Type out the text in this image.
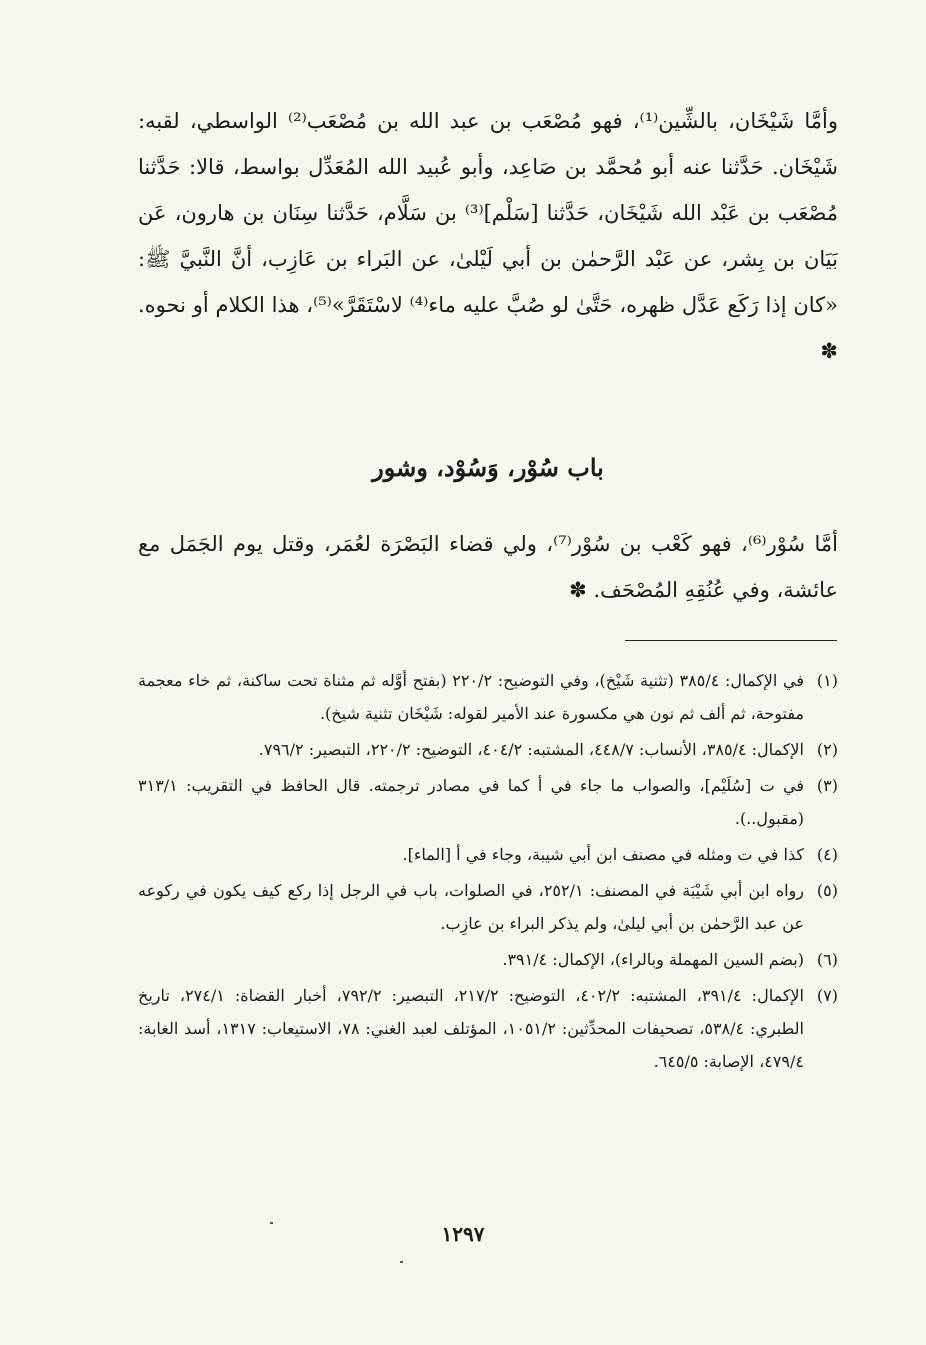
وأمَّا شَيْخَان، بالشِّين⁽¹⁾، فهو مُصْعَب بن عبد الله بن مُصْعَب⁽²⁾ الواسطي، لقبه: شَيْخَان. حَدَّثنا عنه أبو مُحمَّد بن صَاعِد، وأبو عُبيد الله المُعَدِّل بواسط، قالا: حَدَّثنا مُصْعَب بن عَبْد الله شَيْخَان، حَدَّثنا [سَلْم]⁽³⁾ بن سَلَّام، حَدَّثنا سِنَان بن هارون، عَن بَيَان بن بِشر، عن عَبْد الرَّحمٰن بن أبي لَيْلىٰ، عن البَراء بن عَازِب، أنَّ النَّبيَّ ﷺ: «كان إذا رَكَع عَدَّل ظهره، حَتَّىٰ لو صُبَّ عليه ماء⁽⁴⁾ لاسْتَقَرَّ»⁽⁵⁾، هذا الكلام أو نحوه. ✽

باب سُوْر، وَسُوْد، وشور

أمَّا سُوْر⁽⁶⁾، فهو كَعْب بن سُوْر⁽⁷⁾، ولي قضاء البَصْرَة لعُمَر، وقتل يوم الجَمَل مع عائشة، وفي عُنُقِهِ المُصْحَف. ✽

(١)
في الإكمال: ٣٨٥/٤ (تثنية شَيْخ)، وفي التوضيح: ٢٢٠/٢ (بفتح أوَّله ثم مثناة تحت ساكنة، ثم خاء معجمة مفتوحة، ثم ألف ثم نون هي مكسورة عند الأمير لقوله: شَيْخَان تثنية شيخ).

(٢)
الإكمال: ٣٨٥/٤، الأنساب: ٤٤٨/٧، المشتبه: ٤٠٤/٢، التوضيح: ٢٢٠/٢، التبصير: ٧٩٦/٢.

(٣)
في ت [سُلَيْم]، والصواب ما جاء في أ كما في مصادر ترجمته. قال الحافظ في التقريب: ٣١٣/١ (مقبول..).

(٤)
كذا في ت ومثله في مصنف ابن أبي شيبة، وجاء في أ [الماء].

(٥)
رواه ابن أبي شَيْبَة في المصنف: ٢٥٢/١، في الصلوات، باب في الرجل إذا ركع كيف يكون في ركوعه عن عبد الرَّحمٰن بن أبي ليلىٰ، ولم يذكر البراء بن عازِب.

(٦)
(بضم السين المهملة وبالراء)، الإكمال: ٣٩١/٤.

(٧)
الإكمال: ٣٩١/٤، المشتبه: ٤٠٢/٢، التوضيح: ٢١٧/٢، التبصير: ٧٩٢/٢، أخبار القضاة: ٢٧٤/١، تاريخ الطبري: ٥٣٨/٤، تصحيفات المحدِّثين: ١٠٥١/٢، المؤتلف لعبد الغني: ٧٨، الاستيعاب: ١٣١٧، أسد الغابة: ٤٧٩/٤، الإصابة: ٦٤٥/٥.

١٢٩٧
